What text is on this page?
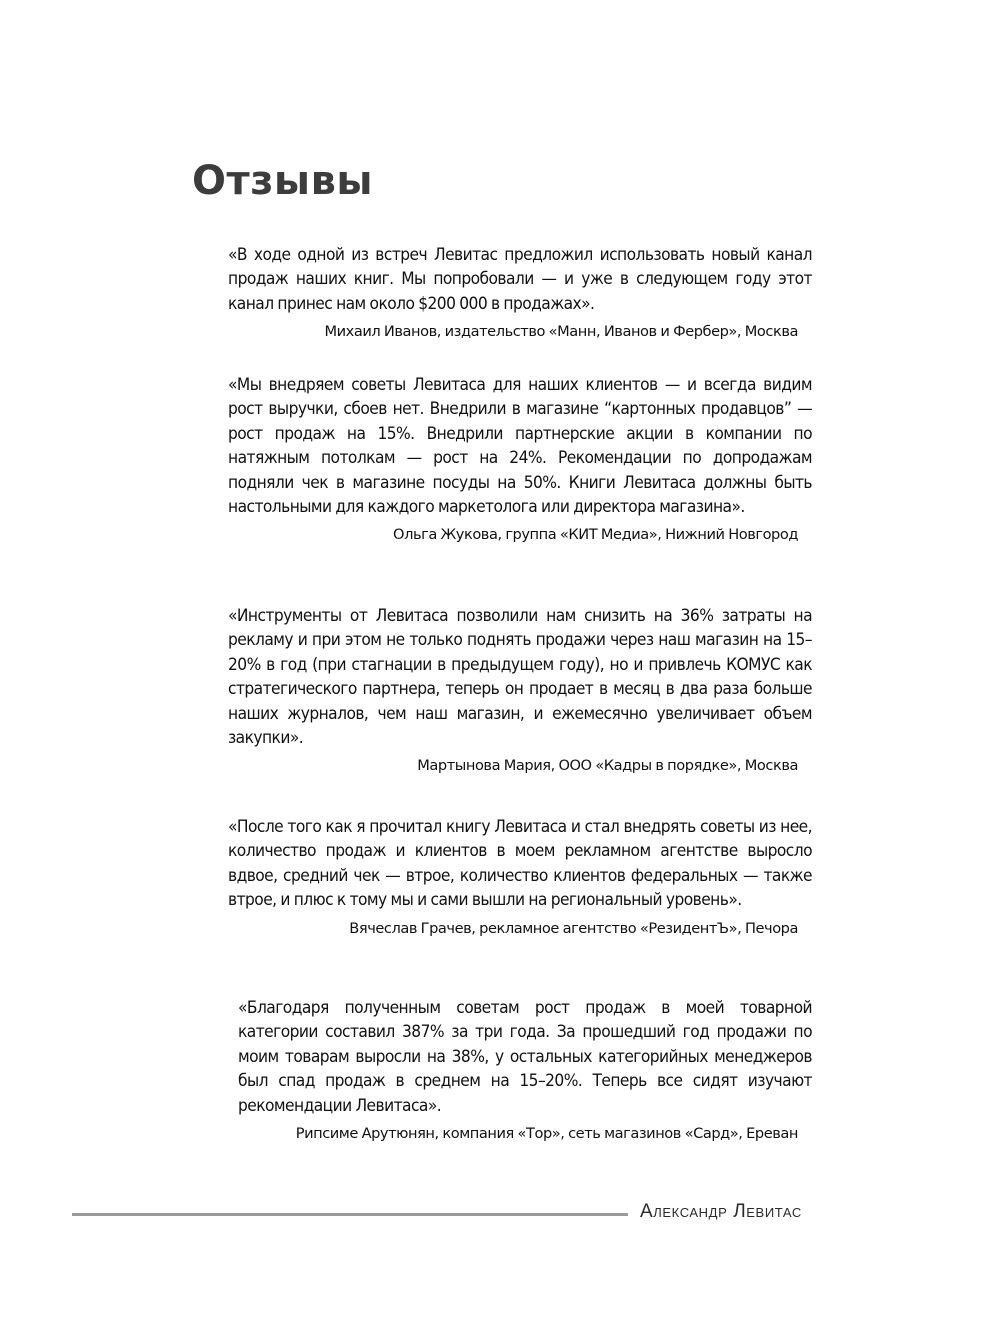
Отзывы

«В ходе одной из встреч Левитас предложил использовать новый канал продаж наших книг. Мы попробовали — и уже в следующем году этот канал принес нам около $200 000 в продажах».

Михаил Иванов, издательство «Манн, Иванов и Фербер», Москва

«Мы внедряем советы Левитаса для наших клиентов — и всегда видим рост выручки, сбоев нет. Внедрили в магазине “картонных продавцов” — рост продаж на 15%. Внедрили партнерские акции в компании по натяжным потолкам — рост на 24%. Рекомендации по допродажам подняли чек в магазине посуды на 50%. Книги Левитаса должны быть настольными для каждого маркетолога или директора магазина».

Ольга Жукова, группа «КИТ Медиа», Нижний Новгород

«Инструменты от Левитаса позволили нам снизить на 36% затраты на рекламу и при этом не только поднять продажи через наш магазин на 15–20% в год (при стагнации в предыдущем году), но и привлечь КОМУС как стратегического партнера, теперь он продает в месяц в два раза больше наших журналов, чем наш магазин, и ежемесячно увеличивает объем закупки».

Мартынова Мария, ООО «Кадры в порядке», Москва

«После того как я прочитал книгу Левитаса и стал внедрять советы из нее, количество продаж и клиентов в моем рекламном агентстве выросло вдвое, средний чек — втрое, количество клиентов федеральных — также втрое, и плюс к тому мы и сами вышли на региональный уровень».

Вячеслав Грачев, рекламное агентство «РезидентЪ», Печора

«Благодаря полученным советам рост продаж в моей товарной категории составил 387% за три года. За прошедший год продажи по моим товарам выросли на 38%, у остальных категорийных менеджеров был спад продаж в среднем на 15–20%. Теперь все сидят изучают рекомендации Левитаса».

Рипсиме Арутюнян, компания «Тор», сеть магазинов «Сард», Ереван

Александр Левитас
